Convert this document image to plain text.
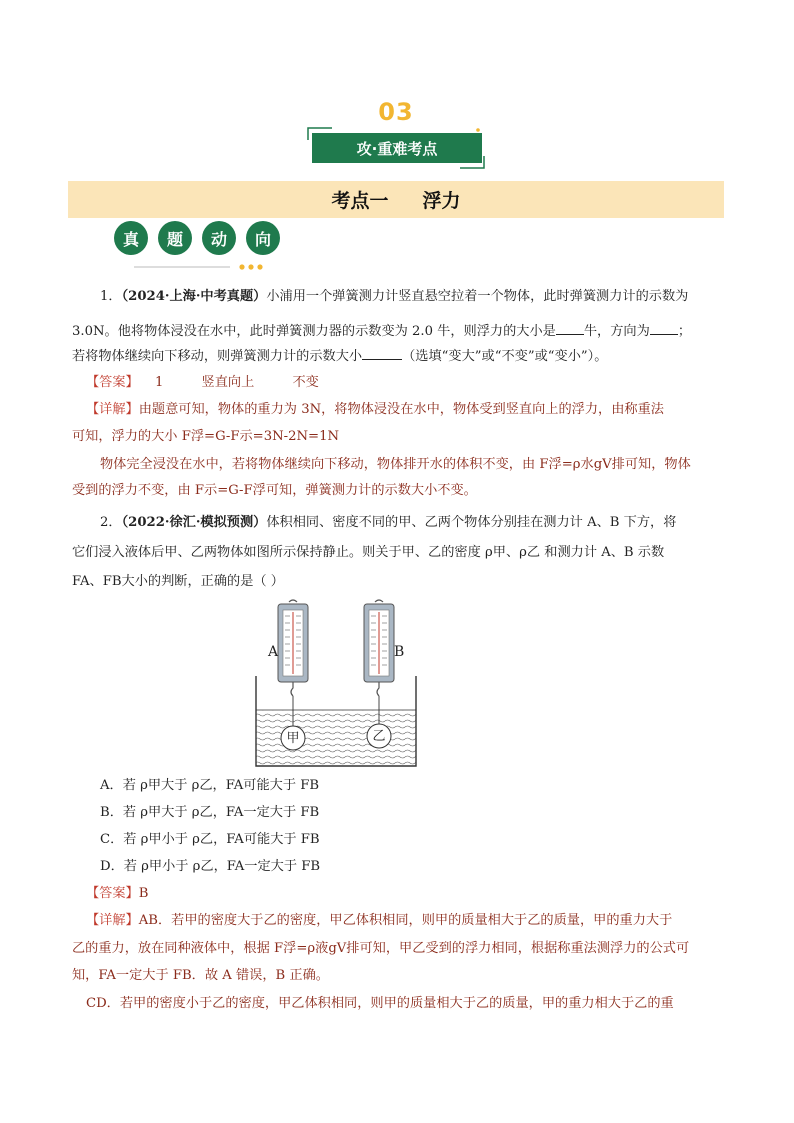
03
攻·重难考点
考点一 浮力
真	题	动	向
1．（2024·上海·中考真题）小浦用一个弹簧测力计竖直悬空拉着一个物体，此时弹簧测力计的示数为
3.0N。他将物体浸没在水中，此时弹簧测力器的示数变为 2.0 牛，则浮力的大小是 牛，方向为 ；
若将物体继续向下移动，则弹簧测力计的示数大小	（选填“变大”或“不变”或“变小”）。
【答案】 1	竖直向上	不变
【详解】由题意可知，物体的重力为 3N，将物体浸没在水中，物体受到竖直向上的浮力，由称重法
可知，浮力的大小 F浮=G-F示=3N-2N=1N
物体完全浸没在水中，若将物体继续向下移动，物体排开水的体积不变，由 F浮=ρ水gV排可知，物体
受到的浮力不变，由 F示=G-F浮可知，弹簧测力计的示数大小不变。
2．（2022·徐汇·模拟预测）体积相同、密度不同的甲、乙两个物体分别挂在测力计 A、B 下方，将
它们浸入液体后甲、乙两物体如图所示保持静止。则关于甲、乙的密度 ρ甲、ρ乙 和测力计 A、B 示数
FA、FB大小的判断，正确的是（ ）
A	B
甲	乙
A．若 ρ甲大于 ρ乙，FA可能大于 FB
B．若 ρ甲大于 ρ乙，FA一定大于 FB
C．若 ρ甲小于 ρ乙，FA可能大于 FB
D．若 ρ甲小于 ρ乙，FA一定大于 FB
【答案】B
【详解】AB．若甲的密度大于乙的密度，甲乙体积相同，则甲的质量相大于乙的质量，甲的重力大于
乙的重力，放在同种液体中，根据 F浮=ρ液gV排可知，甲乙受到的浮力相同，根据称重法测浮力的公式可
知，FA一定大于 FB．故 A 错误，B 正确。
CD．若甲的密度小于乙的密度，甲乙体积相同，则甲的质量相大于乙的质量，甲的重力相大于乙的重
